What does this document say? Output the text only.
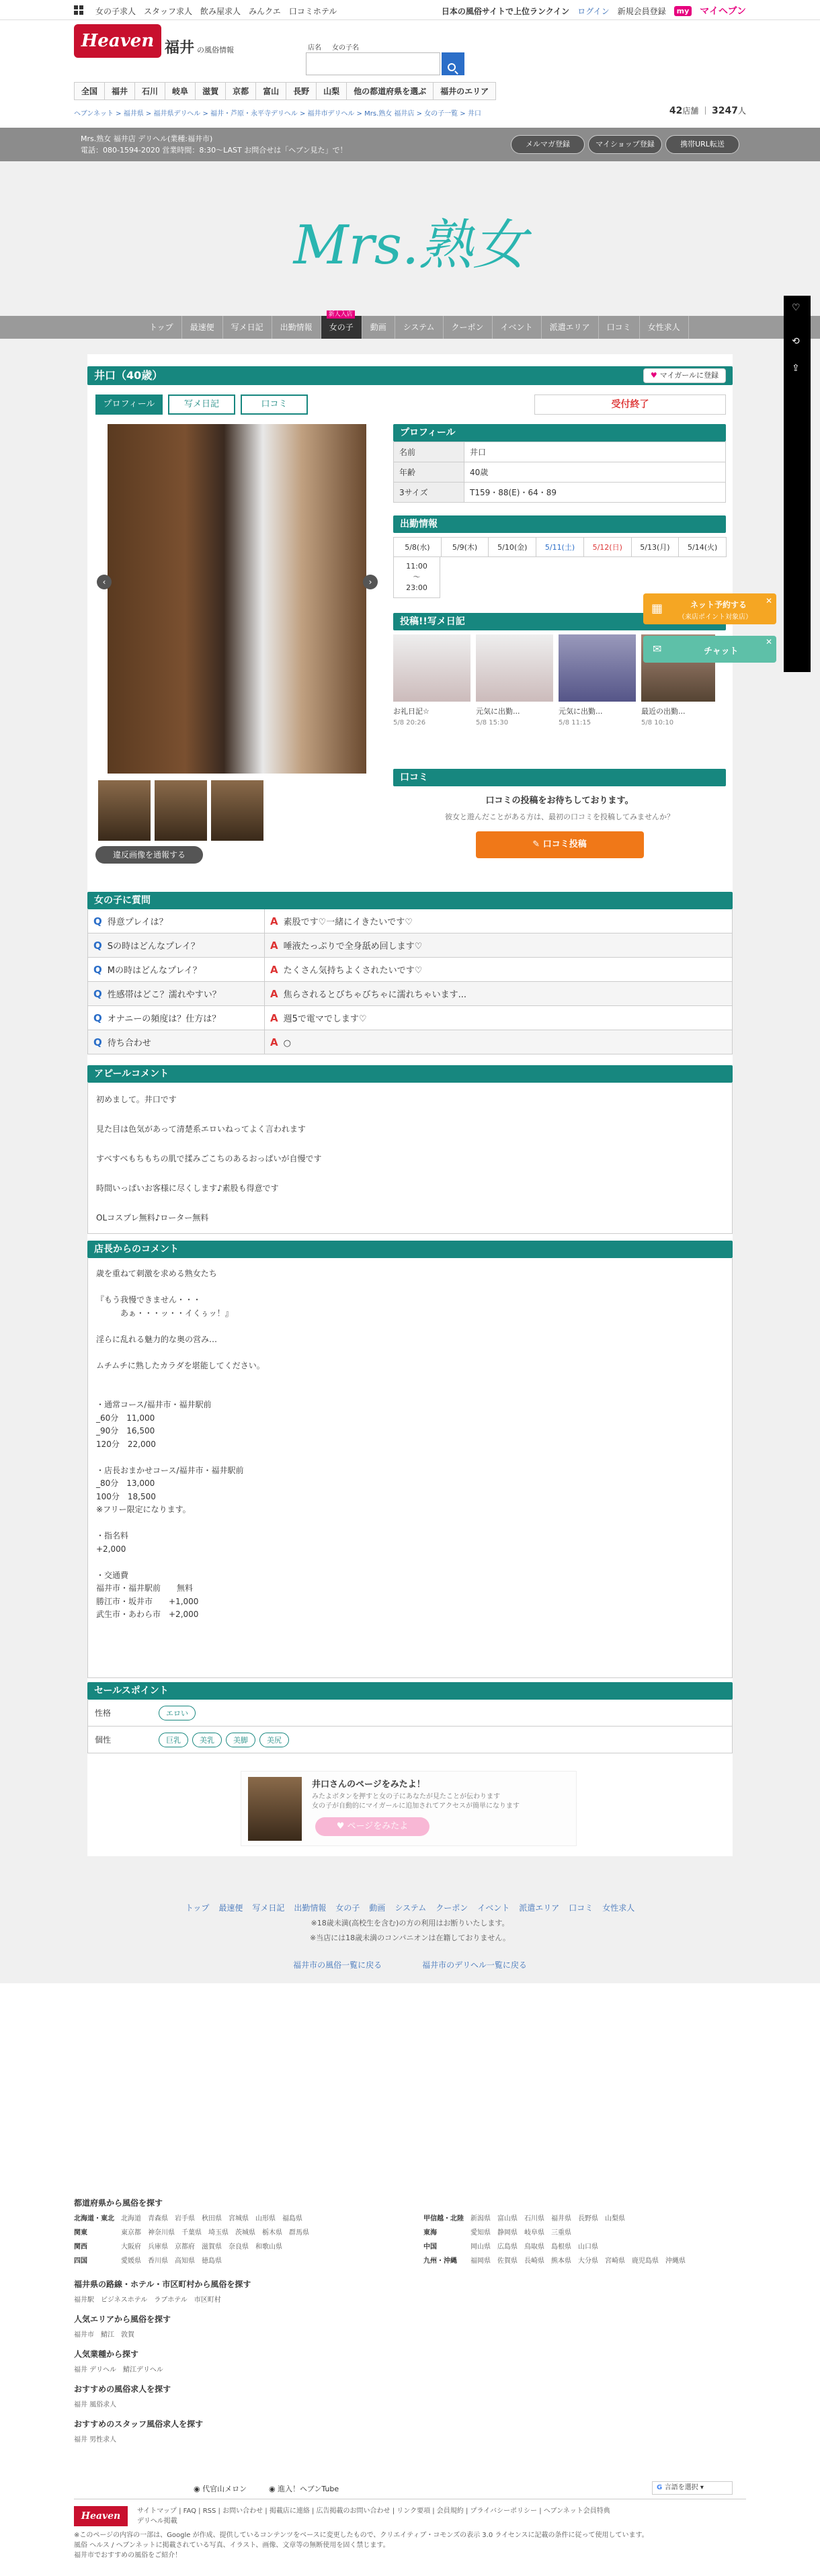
女の子求人 スタッフ求人 飲み屋求人 みんクエ 口コミホテル	日本の風俗サイトで上位ランクイン ログイン 新規会員登録	my マイヘブン
Heaven 福井 の風俗情報	店名 女の子名
全国	福井	石川	岐阜	滋賀	京都	富山	長野	山梨	他の都道府県を選ぶ	福井のエリア
ヘブンネット > 福井県 > 福井県デリヘル > 福井・芦原・永平寺デリヘル > 福井市デリヘル > Mrs.熟女 福井店 > 女の子一覧 > 井口	42店舗 ｜ 3247人
Mrs.熟女 福井店 デリヘル(業種:福井市)
電話：080-1594-2020 営業時間：8:30～LAST お問合せは「ヘブン見た」で！
メルマガ登録	マイショップ登録	携帯URL転送
Mrs.熟女
トップ	最速便	写メ日記	出勤情報
新人入店
女の子	動画	システム	クーポン	イベント	派遣エリア	口コミ	女性求人
井口（40歳）	♥ マイガールに登録
プロフィール	写メ日記	口コミ	受付終了
‹	›
違反画像を通報する
プロフィール
名前	井口
年齢	40歳
3サイズ	T159・88(E)・64・89
出勤情報
5/8(水)	5/9(木)	5/10(金)	5/11(土)	5/12(日)	5/13(月)	5/14(火)
11:00
〜
23:00
投稿!!写メ日記
お礼日記☆
5/8 20:26
元気に出勤...
5/8 15:30
元気に出勤...
5/8 11:15
最近の出勤...
5/8 10:10
口コミ
口コミの投稿をお待ちしております。
彼女と遊んだことがある方は、最初の口コミを投稿してみませんか？
✎ 口コミ投稿
女の子に質問
Q 得意プレイは？	A 素股です♡一緒にイきたいです♡
Q Sの時はどんなプレイ？	A 唾液たっぷりで全身舐め回します♡
Q Mの時はどんなプレイ？	A たくさん気持ちよくされたいです♡
Q 性感帯はどこ？濡れやすい？	A 焦らされるとびちゃびちゃに濡れちゃいます...
Q オナニーの頻度は？仕方は？	A 週5で電マでします♡
Q 待ち合わせ	A ○
アピールコメント
初めまして。井口です

見た目は色気があって清楚系エロいねってよく言われます

すべすべもちもちの肌で揉みごこちのあるおっぱいが自慢です

時間いっぱいお客様に尽くします♪素股も得意です

OLコスプレ無料♪ローター無料
店長からのコメント
歳を重ねて刺激を求める熟女たち

『もう我慢できません・・・
　　　あぁ・・・ッ・・イくぅッ！』

淫らに乱れる魅力的な奥の営み…

ムチムチに熟したカラダを堪能してください。

・通常コース/福井市・福井駅前
_60分　11,000
_90分　16,500
120分　22,000

・店長おまかせコース/福井市・福井駅前
_80分　13,000
100分　18,500
※フリー限定になります。

・指名料
+2,000

・交通費
福井市・福井駅前　　無料
勝江市・坂井市　　+1,000
武生市・あわら市　+2,000
セールスポイント
性格	エロい
個性	巨乳	美乳	美脚	美尻
井口さんのページをみたよ！
みたよボタンを押すと女の子にあなたが見たことが伝わります
女の子が自動的にマイガールに追加されてアクセスが簡単になります
♥ ページをみたよ
▦	ネット予約する
（来店ポイント対象店）
✕
✉	チャット
✕
♡
⟲
⇪
トップ 最速便 写メ日記 出勤情報 女の子 動画 システム クーポン イベント 派遣エリア 口コミ 女性求人
※18歳未満(高校生を含む)の方の利用はお断りいたします。
※当店には18歳未満のコンパニオンは在籍しておりません。
福井市の風俗一覧に戻る	福井市のデリヘル一覧に戻る
都道府県から風俗を探す
北海道・東北	北海道 青森県 岩手県 秋田県 宮城県 山形県 福島県
関東	東京都 神奈川県 千葉県 埼玉県 茨城県 栃木県 群馬県
関西	大阪府 兵庫県 京都府 滋賀県 奈良県 和歌山県
四国	愛媛県 香川県 高知県 徳島県
甲信越・北陸	新潟県 富山県 石川県 福井県 長野県 山梨県
東海	愛知県 静岡県 岐阜県 三重県
中国	岡山県 広島県 鳥取県 島根県 山口県
九州・沖縄	福岡県 佐賀県 長崎県 熊本県 大分県 宮崎県 鹿児島県 沖縄県
福井県の路線・ホテル・市区町村から風俗を探す
福井駅 ビジネスホテル ラブホテル 市区町村
人気エリアから風俗を探す
福井市 鯖江 敦賀
人気業種から探す
福井 デリヘル 鯖江デリヘル
おすすめの風俗求人を探す
福井 風俗求人
おすすめのスタッフ風俗求人を探す
福井 男性求人
◉ 代官山メロン	◉ 進入！ヘブンTube	G 言語を選択 ▾
Heaven	サイトマップ | FAQ | RSS | お問い合わせ | 掲載店に連絡 | 広告掲載のお問い合わせ | リンク要項 | 会員規約 | プライバシーポリシー | ヘブンネット会員特典
デリヘル掲載
※このページの内容の一部は、Google が作成、提供しているコンテンツをベースに変更したもので、クリエイティブ・コモンズの表示 3.0 ライセンスに記載の条件に従って使用しています。
風俗 ヘルス / ヘブンネットに掲載されている写真、イラスト、画像、文章等の無断使用を固く禁じます。
福井市でおすすめの風俗をご紹介！
